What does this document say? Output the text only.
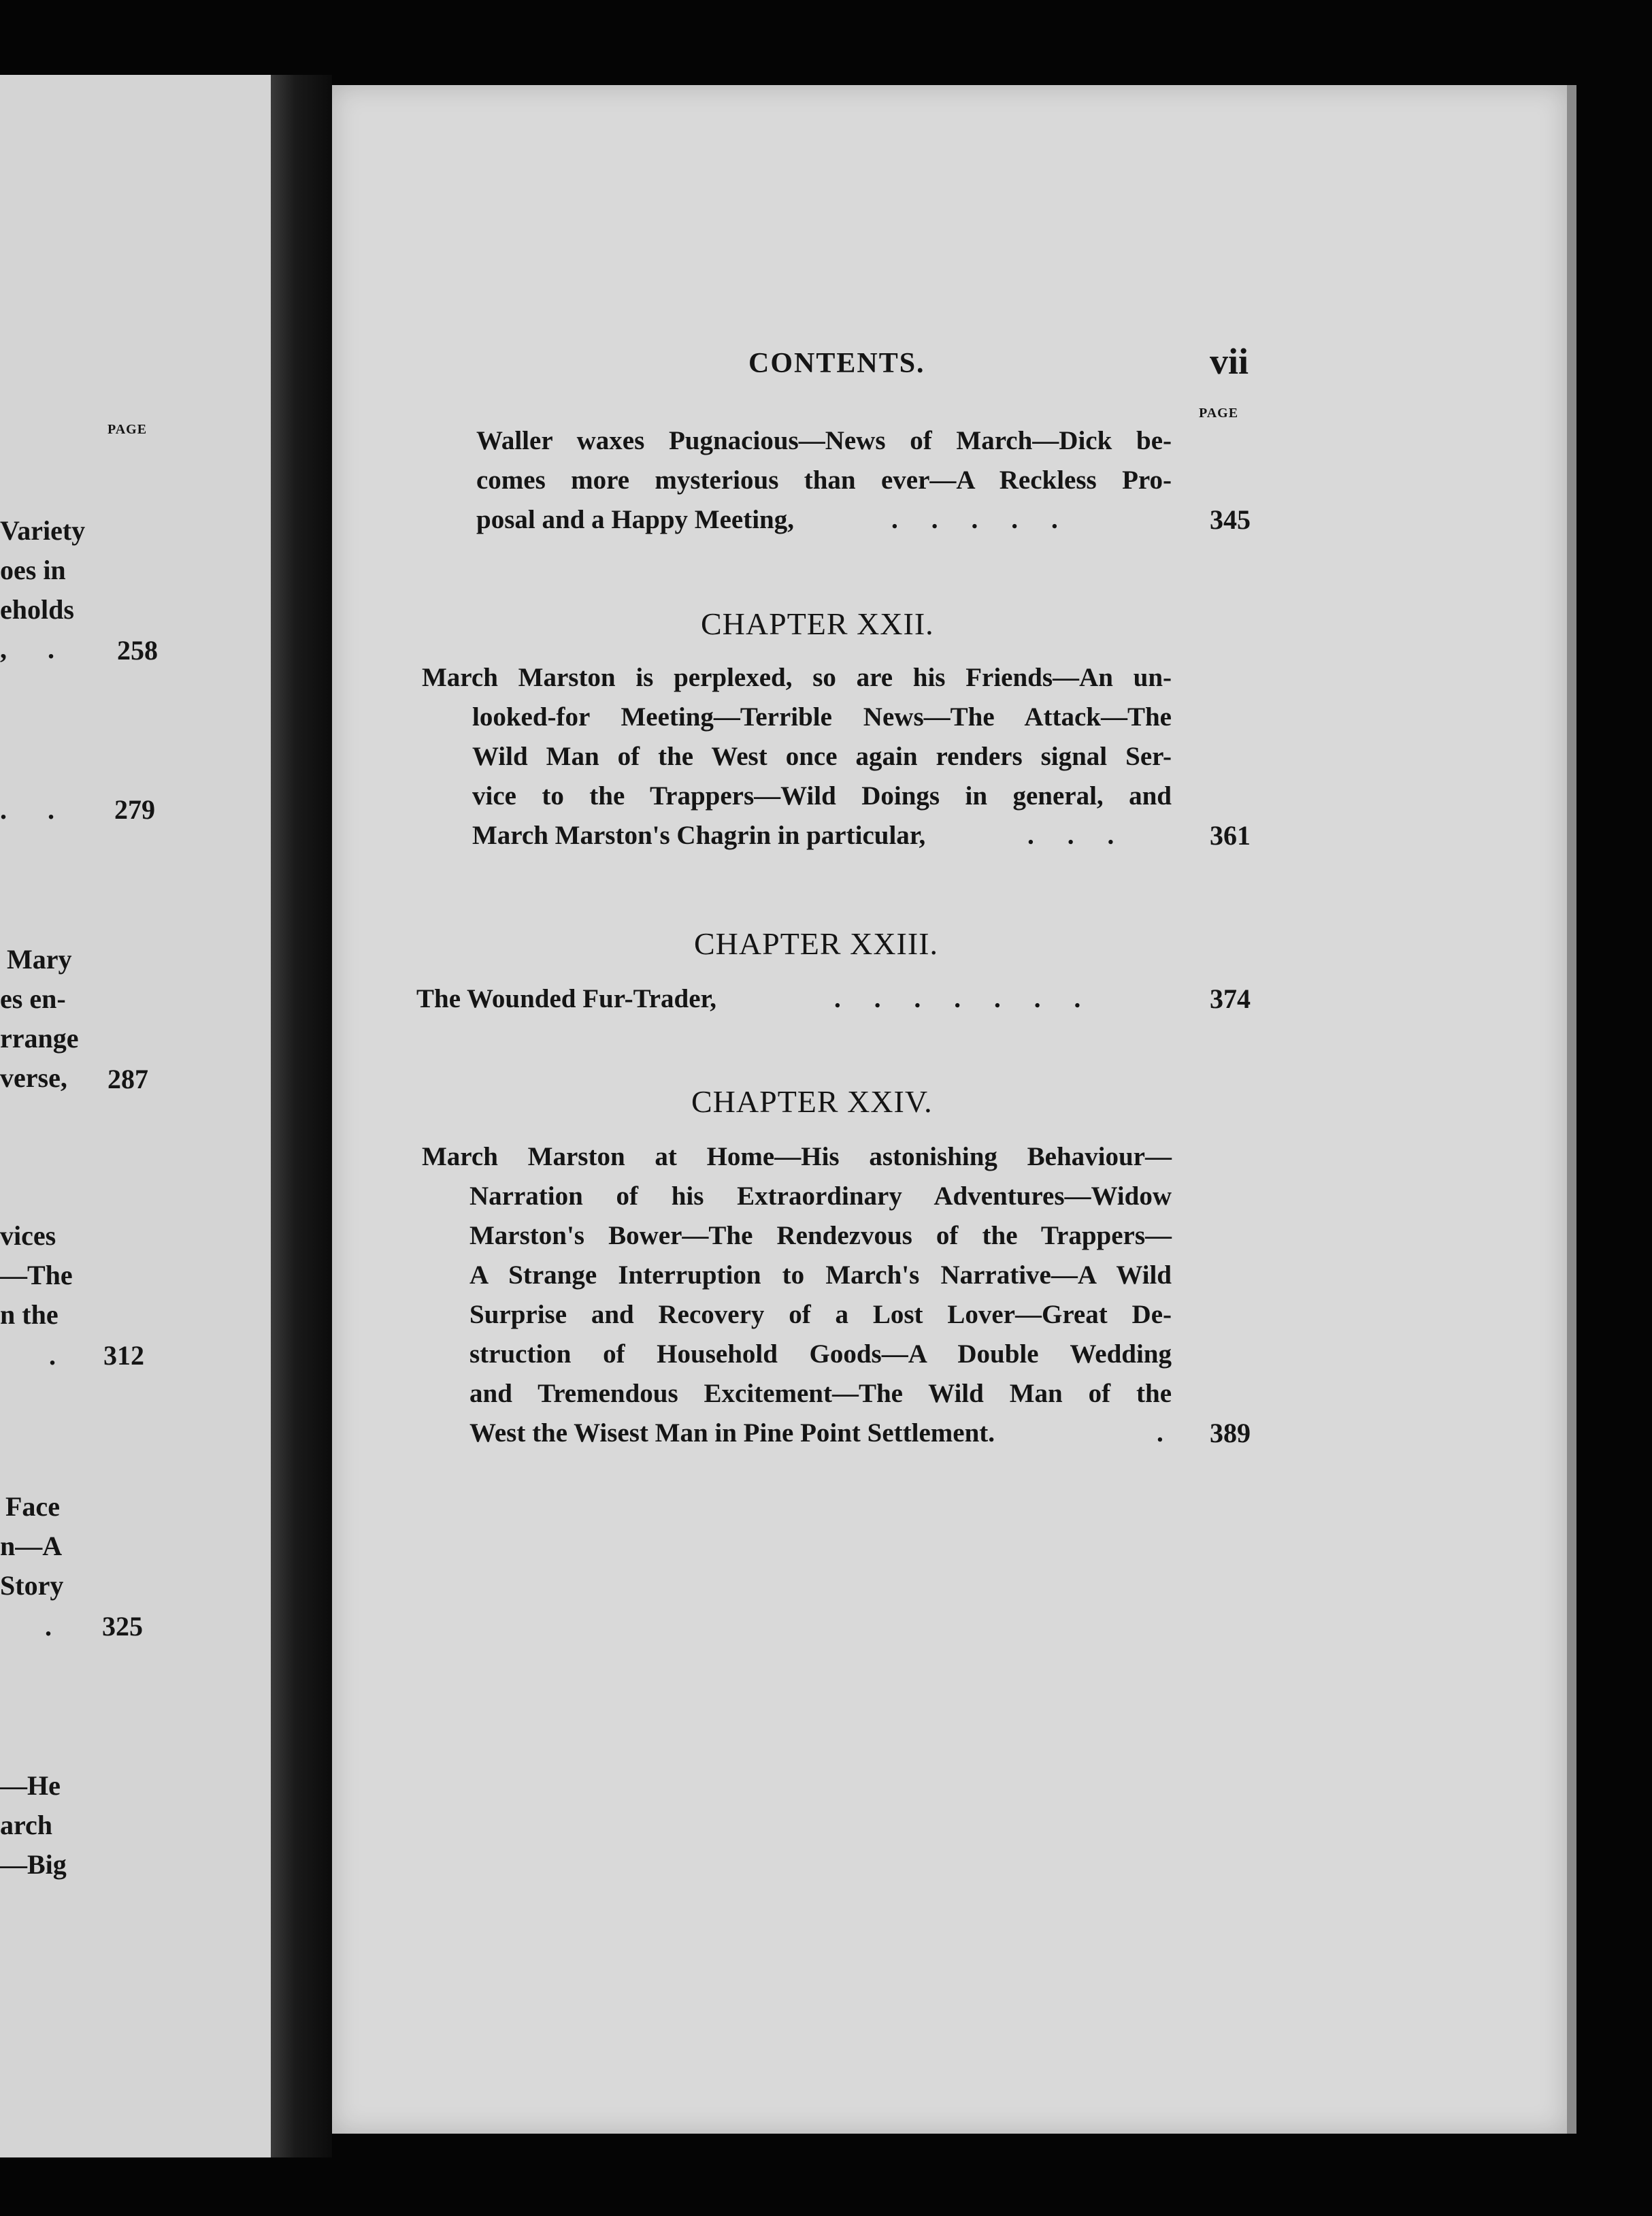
PAGE
Variety
oes in
eholds
, . 258
. . 279
Mary
es en-
rrange
verse, 287
vices
—The
n the
. 312
Face
n—A
Story
. 325
—He
arch
—Big
CONTENTS.	vii
PAGE
Waller waxes Pugnacious—News of March—Dick be-
comes more mysterious than ever—A Reckless Pro-
posal and a Happy Meeting,	.    .    .    .    .	345
CHAPTER XXII.
March Marston is perplexed, so are his Friends—An un-
looked-for Meeting—Terrible News—The Attack—The
Wild Man of the West once again renders signal Ser-
vice to the Trappers—Wild Doings in general, and
March Marston's Chagrin in particular,	.    .    .	361
CHAPTER XXIII.
The Wounded Fur-Trader,	.    .    .    .    .    .    .	374
CHAPTER XXIV.
March Marston at Home—His astonishing Behaviour—
Narration of his Extraordinary Adventures—Widow
Marston's Bower—The Rendezvous of the Trappers—
A Strange Interruption to March's Narrative—A Wild
Surprise and Recovery of a Lost Lover—Great De-
struction of Household Goods—A Double Wedding
and Tremendous Excitement—The Wild Man of the
West the Wisest Man in Pine Point Settlement.	. 389
